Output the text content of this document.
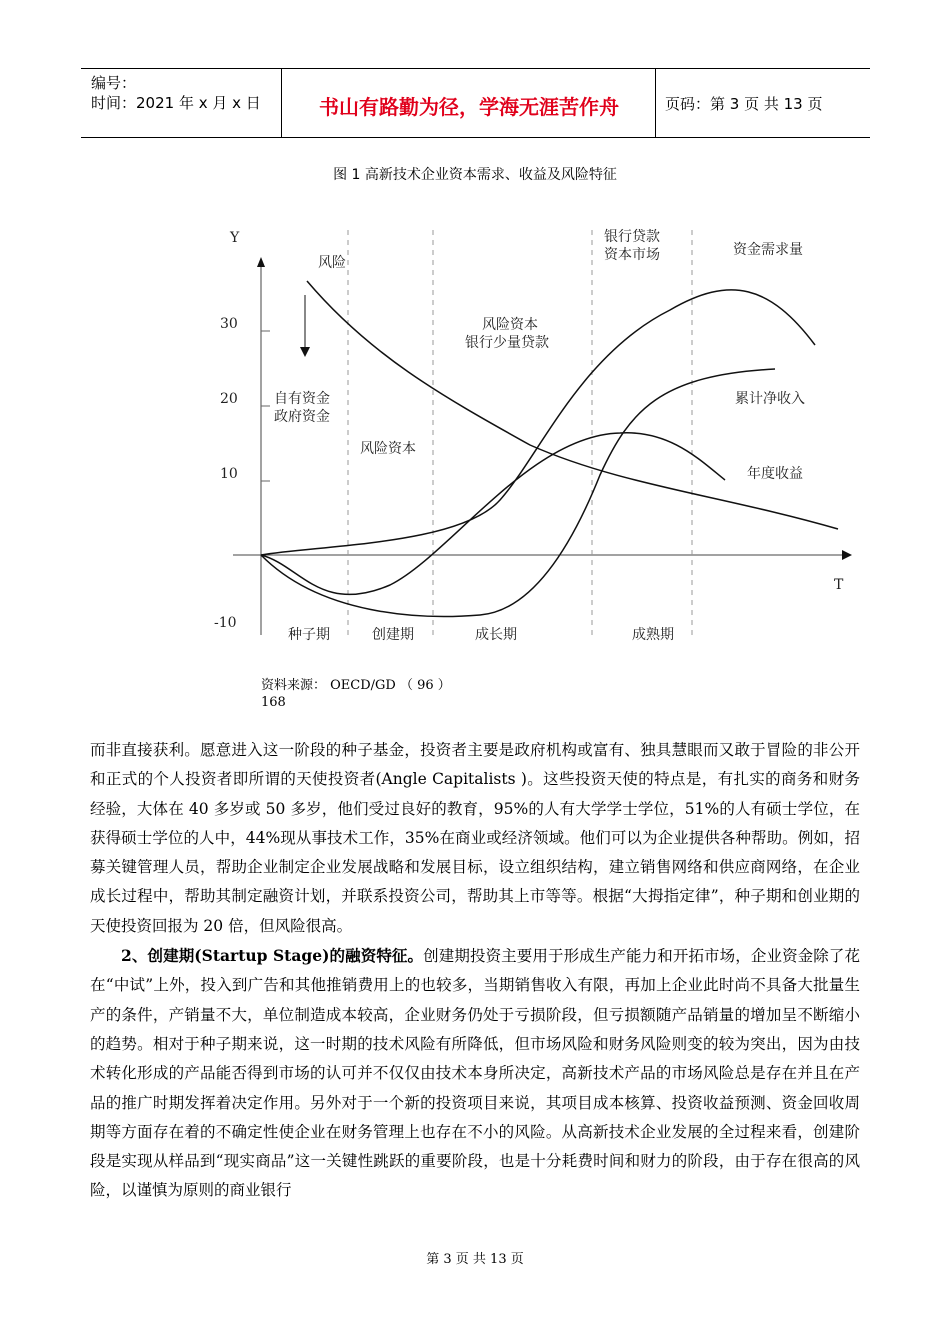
编号：
时间：2021 年 x 月 x 日	书山有路勤为径，学海无涯苦作舟	页码：第 3 页 共 13 页
图 1 高新技术企业资本需求、收益及风险特征
Y
T
30
20
10
-10
种子期	创建期	成长期	成熟期
风险
自有资金
政府资金
风险资本
风险资本
银行少量贷款
银行贷款
资本市场	资金需求量
累计净收入
年度收益
资料来源： OECD/GD （ 96 ）
168

而非直接获利。愿意进入这一阶段的种子基金，投资者主要是政府机构或富有、独具慧眼而又敢于冒险的非公开和正式的个人投资者即所谓的天使投资者(Angle Capitalists )。这些投资天使的特点是，有扎实的商务和财务经验，大体在 40 多岁或 50 多岁，他们受过良好的教育，95%的人有大学学士学位，51%的人有硕士学位，在获得硕士学位的人中，44%现从事技术工作，35%在商业或经济领域。他们可以为企业提供各种帮助。例如，招募关键管理人员，帮助企业制定企业发展战略和发展目标，设立组织结构，建立销售网络和供应商网络，在企业成长过程中，帮助其制定融资计划，并联系投资公司，帮助其上市等等。根据“大拇指定律”，种子期和创业期的天使投资回报为 20 倍，但风险很高。

2、创建期(Startup Stage)的融资特征。创建期投资主要用于形成生产能力和开拓市场，企业资金除了花在“中试”上外，投入到广告和其他推销费用上的也较多，当期销售收入有限，再加上企业此时尚不具备大批量生产的条件，产销量不大，单位制造成本较高，企业财务仍处于亏损阶段，但亏损额随产品销量的增加呈不断缩小的趋势。相对于种子期来说，这一时期的技术风险有所降低，但市场风险和财务风险则变的较为突出，因为由技术转化形成的产品能否得到市场的认可并不仅仅由技术本身所决定，高新技术产品的市场风险总是存在并且在产品的推广时期发挥着决定作用。另外对于一个新的投资项目来说，其项目成本核算、投资收益预测、资金回收周期等方面存在着的不确定性使企业在财务管理上也存在不小的风险。从高新技术企业发展的全过程来看，创建阶段是实现从样品到“现实商品”这一关键性跳跃的重要阶段，也是十分耗费时间和财力的阶段，由于存在很高的风险，以谨慎为原则的商业银行

第 3 页 共 13 页
